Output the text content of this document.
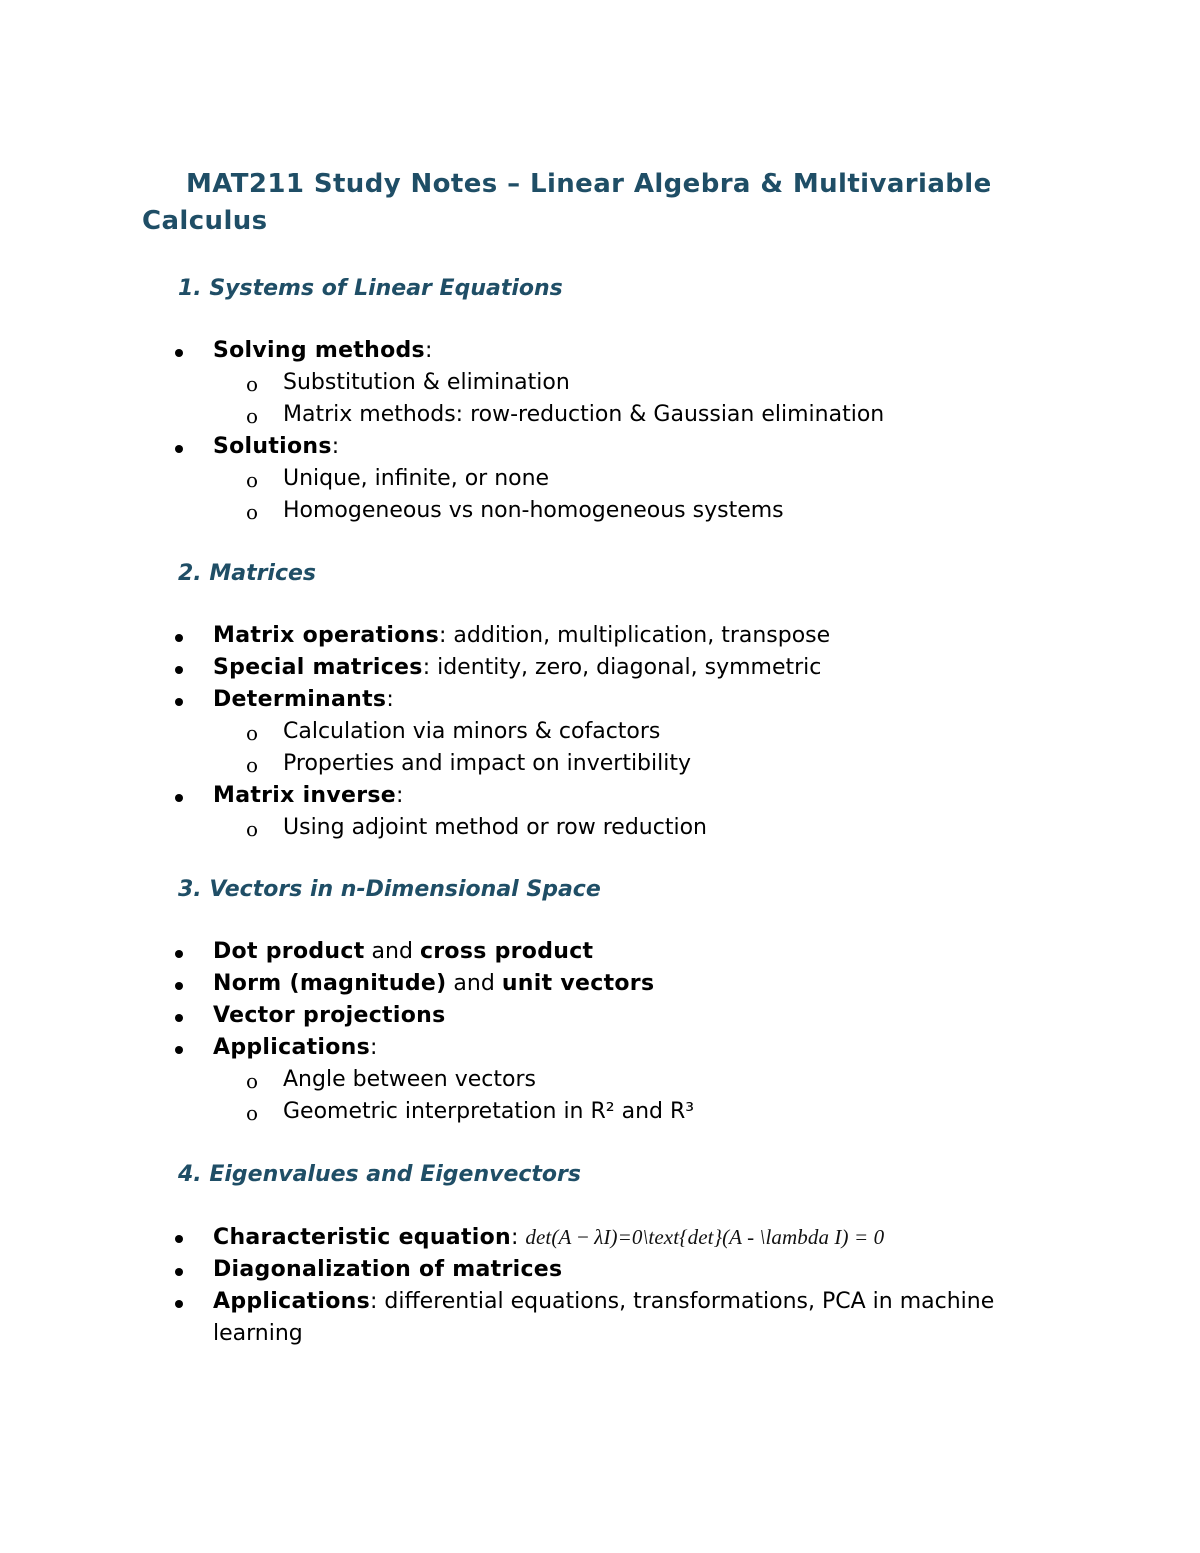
MAT211 Study Notes – Linear Algebra & Multivariable Calculus
1. Systems of Linear Equations
Solving methods:
o Substitution & elimination
o Matrix methods: row-reduction & Gaussian elimination
Solutions:
o Unique, infinite, or none
o Homogeneous vs non-homogeneous systems
2. Matrices
Matrix operations: addition, multiplication, transpose
Special matrices: identity, zero, diagonal, symmetric
Determinants:
o Calculation via minors & cofactors
o Properties and impact on invertibility
Matrix inverse:
o Using adjoint method or row reduction
3. Vectors in n-Dimensional Space
Dot product and cross product
Norm (magnitude) and unit vectors
Vector projections
Applications:
o Angle between vectors
o Geometric interpretation in R² and R³
4. Eigenvalues and Eigenvectors
Characteristic equation: det(A − λI)=0\text{det}(A - \lambda I) = 0
Diagonalization of matrices
Applications: differential equations, transformations, PCA in machine learning
